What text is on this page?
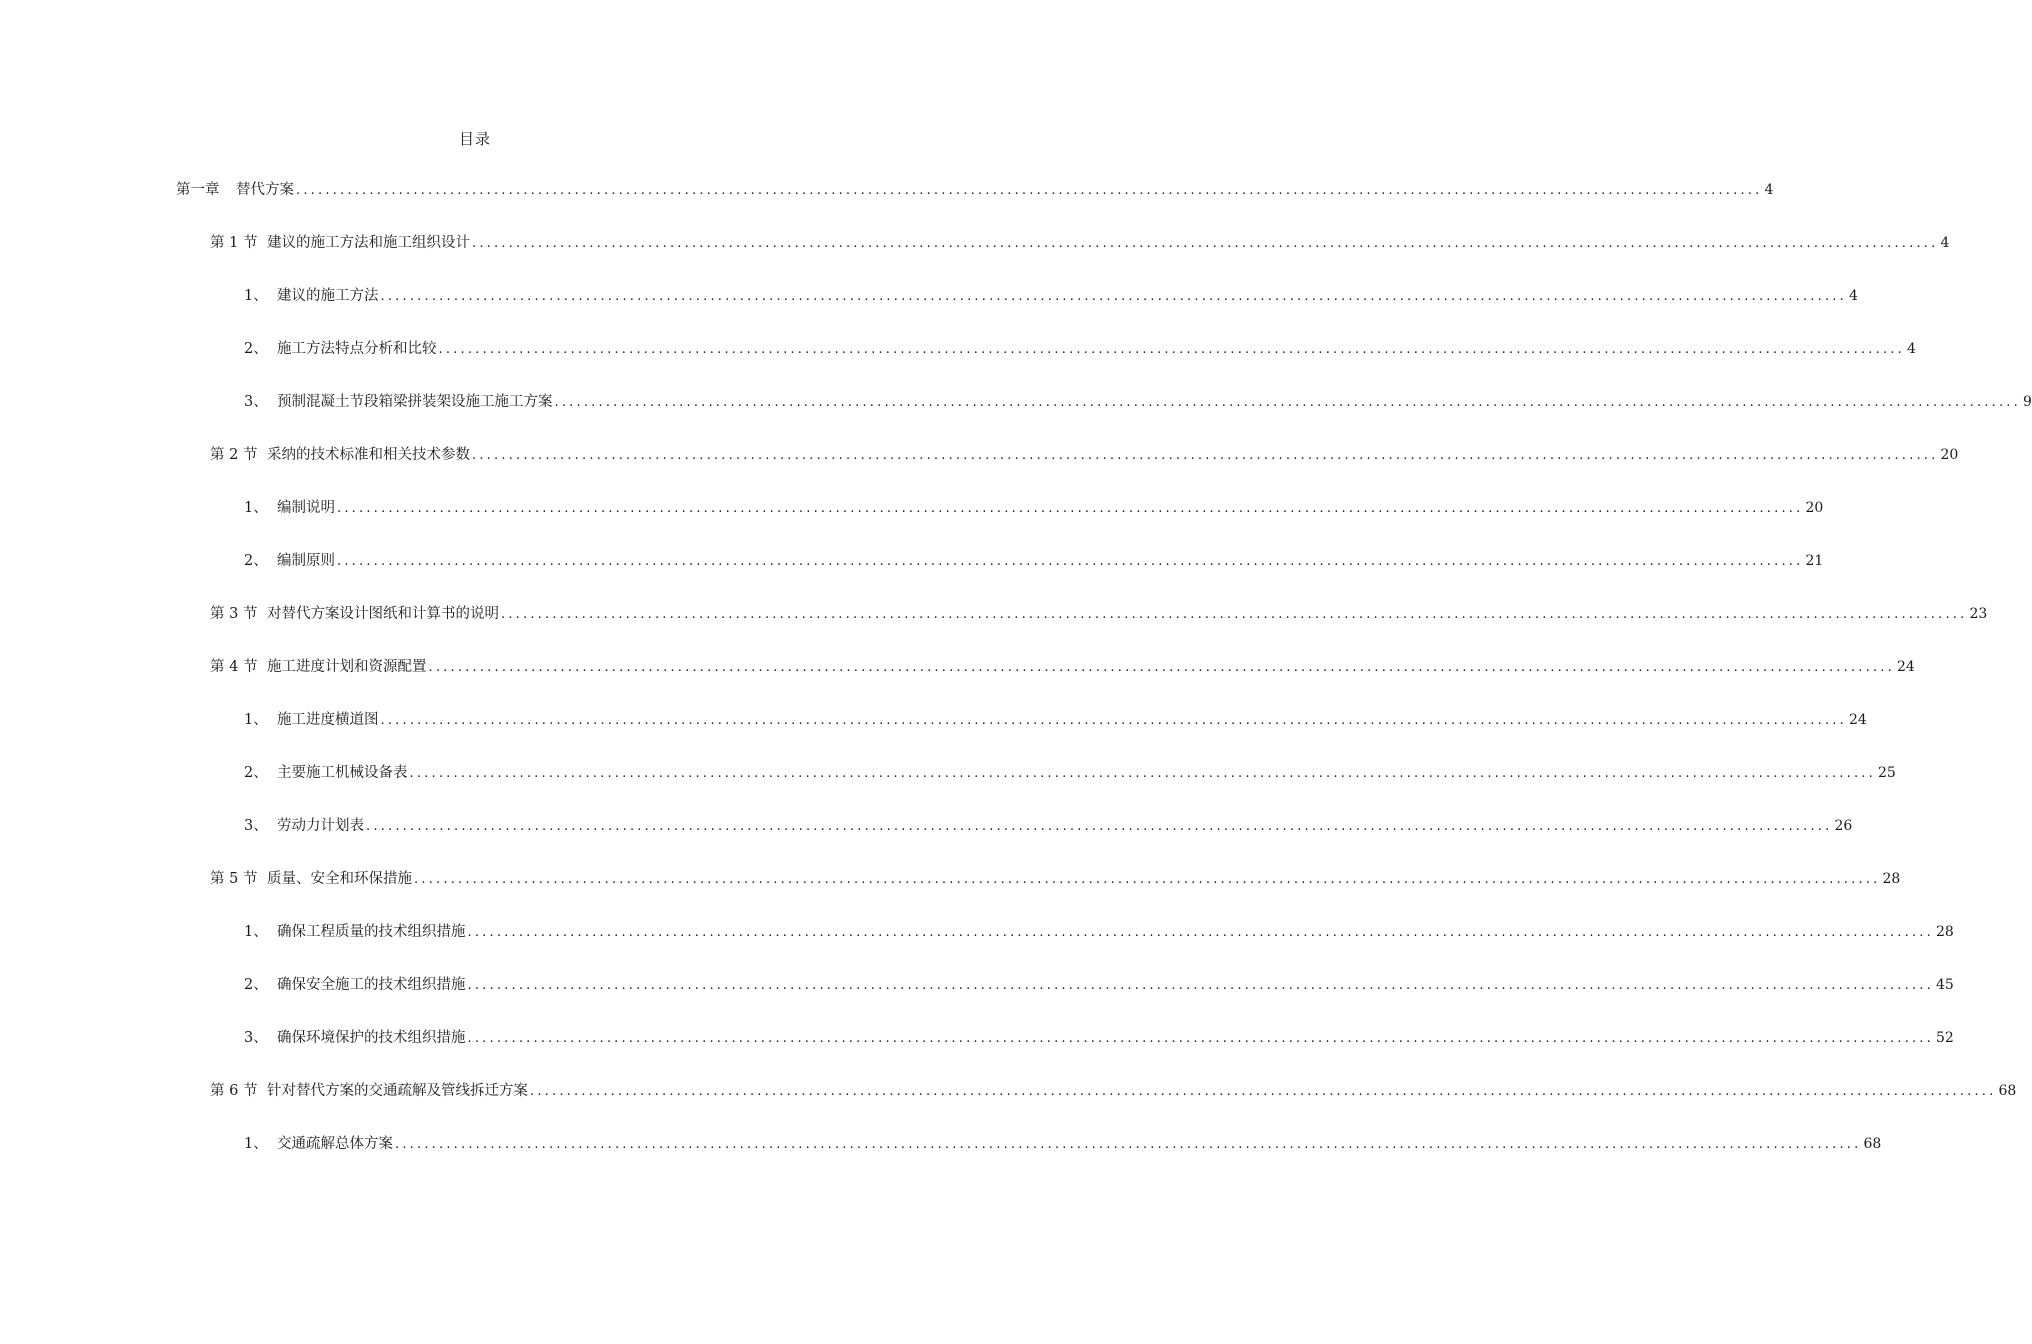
目录
第一章	替代方案 ........................................................................................................................................................................................................ 4
第 1 节 建议的施工方法和施工组织设计 ........................................................................................................................................................................................................ 4
1、 建议的施工方法 ........................................................................................................................................................................................................ 4
2、 施工方法特点分析和比较 ........................................................................................................................................................................................................ 4
3、 预制混凝土节段箱梁拼装架设施工施工方案 ........................................................................................................................................................................................................ 9
第 2 节 采纳的技术标准和相关技术参数 ........................................................................................................................................................................................................ 20
1、 编制说明 ........................................................................................................................................................................................................ 20
2、 编制原则 ........................................................................................................................................................................................................ 21
第 3 节 对替代方案设计图纸和计算书的说明 ........................................................................................................................................................................................................ 23
第 4 节 施工进度计划和资源配置 ........................................................................................................................................................................................................ 24
1、 施工进度横道图 ........................................................................................................................................................................................................ 24
2、 主要施工机械设备表 ........................................................................................................................................................................................................ 25
3、 劳动力计划表 ........................................................................................................................................................................................................ 26
第 5 节 质量、安全和环保措施 ........................................................................................................................................................................................................ 28
1、 确保工程质量的技术组织措施 ........................................................................................................................................................................................................ 28
2、 确保安全施工的技术组织措施 ........................................................................................................................................................................................................ 45
3、 确保环境保护的技术组织措施 ........................................................................................................................................................................................................ 52
第 6 节 针对替代方案的交通疏解及管线拆迁方案 ........................................................................................................................................................................................................ 68
1、 交通疏解总体方案 ........................................................................................................................................................................................................ 68
